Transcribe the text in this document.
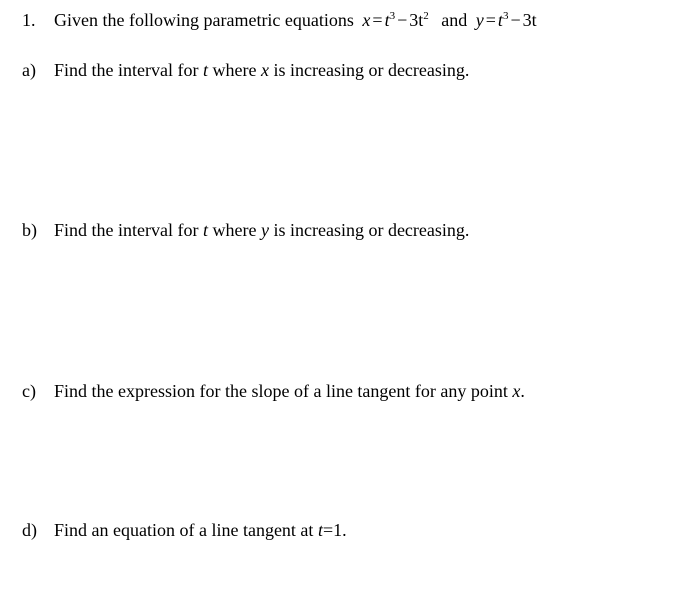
1. Given the following parametric equations $x = t^3 - 3t^2$ and $y = t^3 - 3t$
a) Find the interval for t where x is increasing or decreasing.
b) Find the interval for t where y is increasing or decreasing.
c) Find the expression for the slope of a line tangent for any point x.
d) Find an equation of a line tangent at t=1.
